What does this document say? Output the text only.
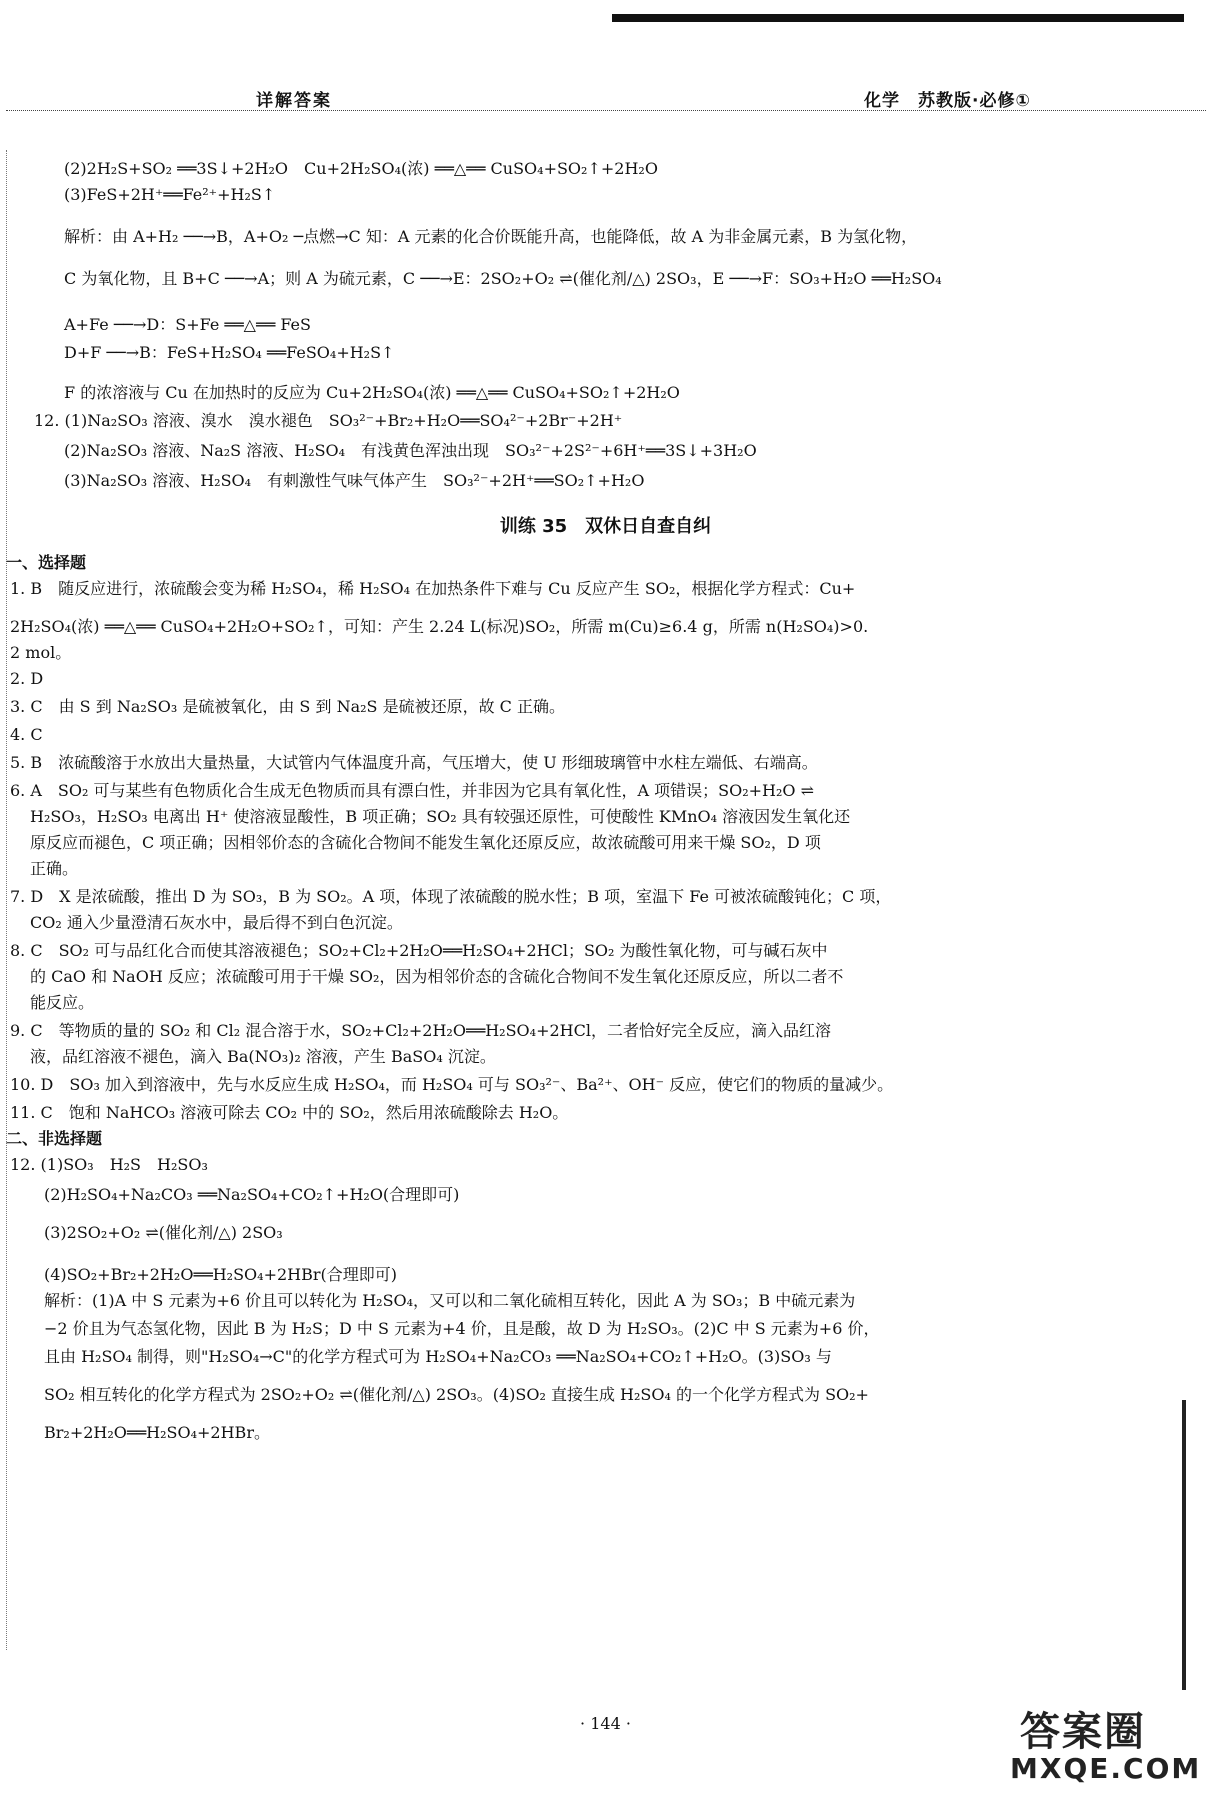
详解答案	化学　苏教版·必修①
(2)2H₂S+SO₂ ══3S↓+2H₂O　Cu+2H₂SO₄(浓) ══△══ CuSO₄+SO₂↑+2H₂O
(3)FeS+2H⁺══Fe²⁺+H₂S↑
解析：由 A+H₂ ──→B，A+O₂ ─点燃→C 知：A 元素的化合价既能升高，也能降低，故 A 为非金属元素，B 为氢化物，
C 为氧化物，且 B+C ──→A；则 A 为硫元素，C ──→E：2SO₂+O₂ ⇌(催化剂/△) 2SO₃，E ──→F：SO₃+H₂O ══H₂SO₄
A+Fe ──→D：S+Fe ══△══ FeS
D+F ──→B：FeS+H₂SO₄ ══FeSO₄+H₂S↑
F 的浓溶液与 Cu 在加热时的反应为 Cu+2H₂SO₄(浓) ══△══ CuSO₄+SO₂↑+2H₂O
12. (1)Na₂SO₃ 溶液、溴水　溴水褪色　SO₃²⁻+Br₂+H₂O══SO₄²⁻+2Br⁻+2H⁺
(2)Na₂SO₃ 溶液、Na₂S 溶液、H₂SO₄　有浅黄色浑浊出现　SO₃²⁻+2S²⁻+6H⁺══3S↓+3H₂O
(3)Na₂SO₃ 溶液、H₂SO₄　有刺激性气味气体产生　SO₃²⁻+2H⁺══SO₂↑+H₂O
训练 35　双休日自查自纠
一、选择题
1. B　随反应进行，浓硫酸会变为稀 H₂SO₄，稀 H₂SO₄ 在加热条件下难与 Cu 反应产生 SO₂，根据化学方程式：Cu+
2H₂SO₄(浓) ══△══ CuSO₄+2H₂O+SO₂↑，可知：产生 2.24 L(标况)SO₂，所需 m(Cu)≥6.4 g，所需 n(H₂SO₄)>0.
2 mol。
2. D
3. C　由 S 到 Na₂SO₃ 是硫被氧化，由 S 到 Na₂S 是硫被还原，故 C 正确。
4. C
5. B　浓硫酸溶于水放出大量热量，大试管内气体温度升高，气压增大，使 U 形细玻璃管中水柱左端低、右端高。
6. A　SO₂ 可与某些有色物质化合生成无色物质而具有漂白性，并非因为它具有氧化性，A 项错误；SO₂+H₂O ⇌
H₂SO₃，H₂SO₃ 电离出 H⁺ 使溶液显酸性，B 项正确；SO₂ 具有较强还原性，可使酸性 KMnO₄ 溶液因发生氧化还
原反应而褪色，C 项正确；因相邻价态的含硫化合物间不能发生氧化还原反应，故浓硫酸可用来干燥 SO₂，D 项
正确。
7. D　X 是浓硫酸，推出 D 为 SO₃，B 为 SO₂。A 项，体现了浓硫酸的脱水性；B 项，室温下 Fe 可被浓硫酸钝化；C 项，
CO₂ 通入少量澄清石灰水中，最后得不到白色沉淀。
8. C　SO₂ 可与品红化合而使其溶液褪色；SO₂+Cl₂+2H₂O══H₂SO₄+2HCl；SO₂ 为酸性氧化物，可与碱石灰中
的 CaO 和 NaOH 反应；浓硫酸可用于干燥 SO₂，因为相邻价态的含硫化合物间不发生氧化还原反应，所以二者不
能反应。
9. C　等物质的量的 SO₂ 和 Cl₂ 混合溶于水，SO₂+Cl₂+2H₂O══H₂SO₄+2HCl，二者恰好完全反应，滴入品红溶
液，品红溶液不褪色，滴入 Ba(NO₃)₂ 溶液，产生 BaSO₄ 沉淀。
10. D　SO₃ 加入到溶液中，先与水反应生成 H₂SO₄，而 H₂SO₄ 可与 SO₃²⁻、Ba²⁺、OH⁻ 反应，使它们的物质的量减少。
11. C　饱和 NaHCO₃ 溶液可除去 CO₂ 中的 SO₂，然后用浓硫酸除去 H₂O。
二、非选择题
12. (1)SO₃　H₂S　H₂SO₃
(2)H₂SO₄+Na₂CO₃ ══Na₂SO₄+CO₂↑+H₂O(合理即可)
(3)2SO₂+O₂ ⇌(催化剂/△) 2SO₃
(4)SO₂+Br₂+2H₂O══H₂SO₄+2HBr(合理即可)
解析：(1)A 中 S 元素为+6 价且可以转化为 H₂SO₄，又可以和二氧化硫相互转化，因此 A 为 SO₃；B 中硫元素为
−2 价且为气态氢化物，因此 B 为 H₂S；D 中 S 元素为+4 价，且是酸，故 D 为 H₂SO₃。(2)C 中 S 元素为+6 价，
且由 H₂SO₄ 制得，则"H₂SO₄→C"的化学方程式可为 H₂SO₄+Na₂CO₃ ══Na₂SO₄+CO₂↑+H₂O。(3)SO₃ 与
SO₂ 相互转化的化学方程式为 2SO₂+O₂ ⇌(催化剂/△) 2SO₃。(4)SO₂ 直接生成 H₂SO₄ 的一个化学方程式为 SO₂+
Br₂+2H₂O══H₂SO₄+2HBr。
· 144 ·	答案圈
MXQE.COM
